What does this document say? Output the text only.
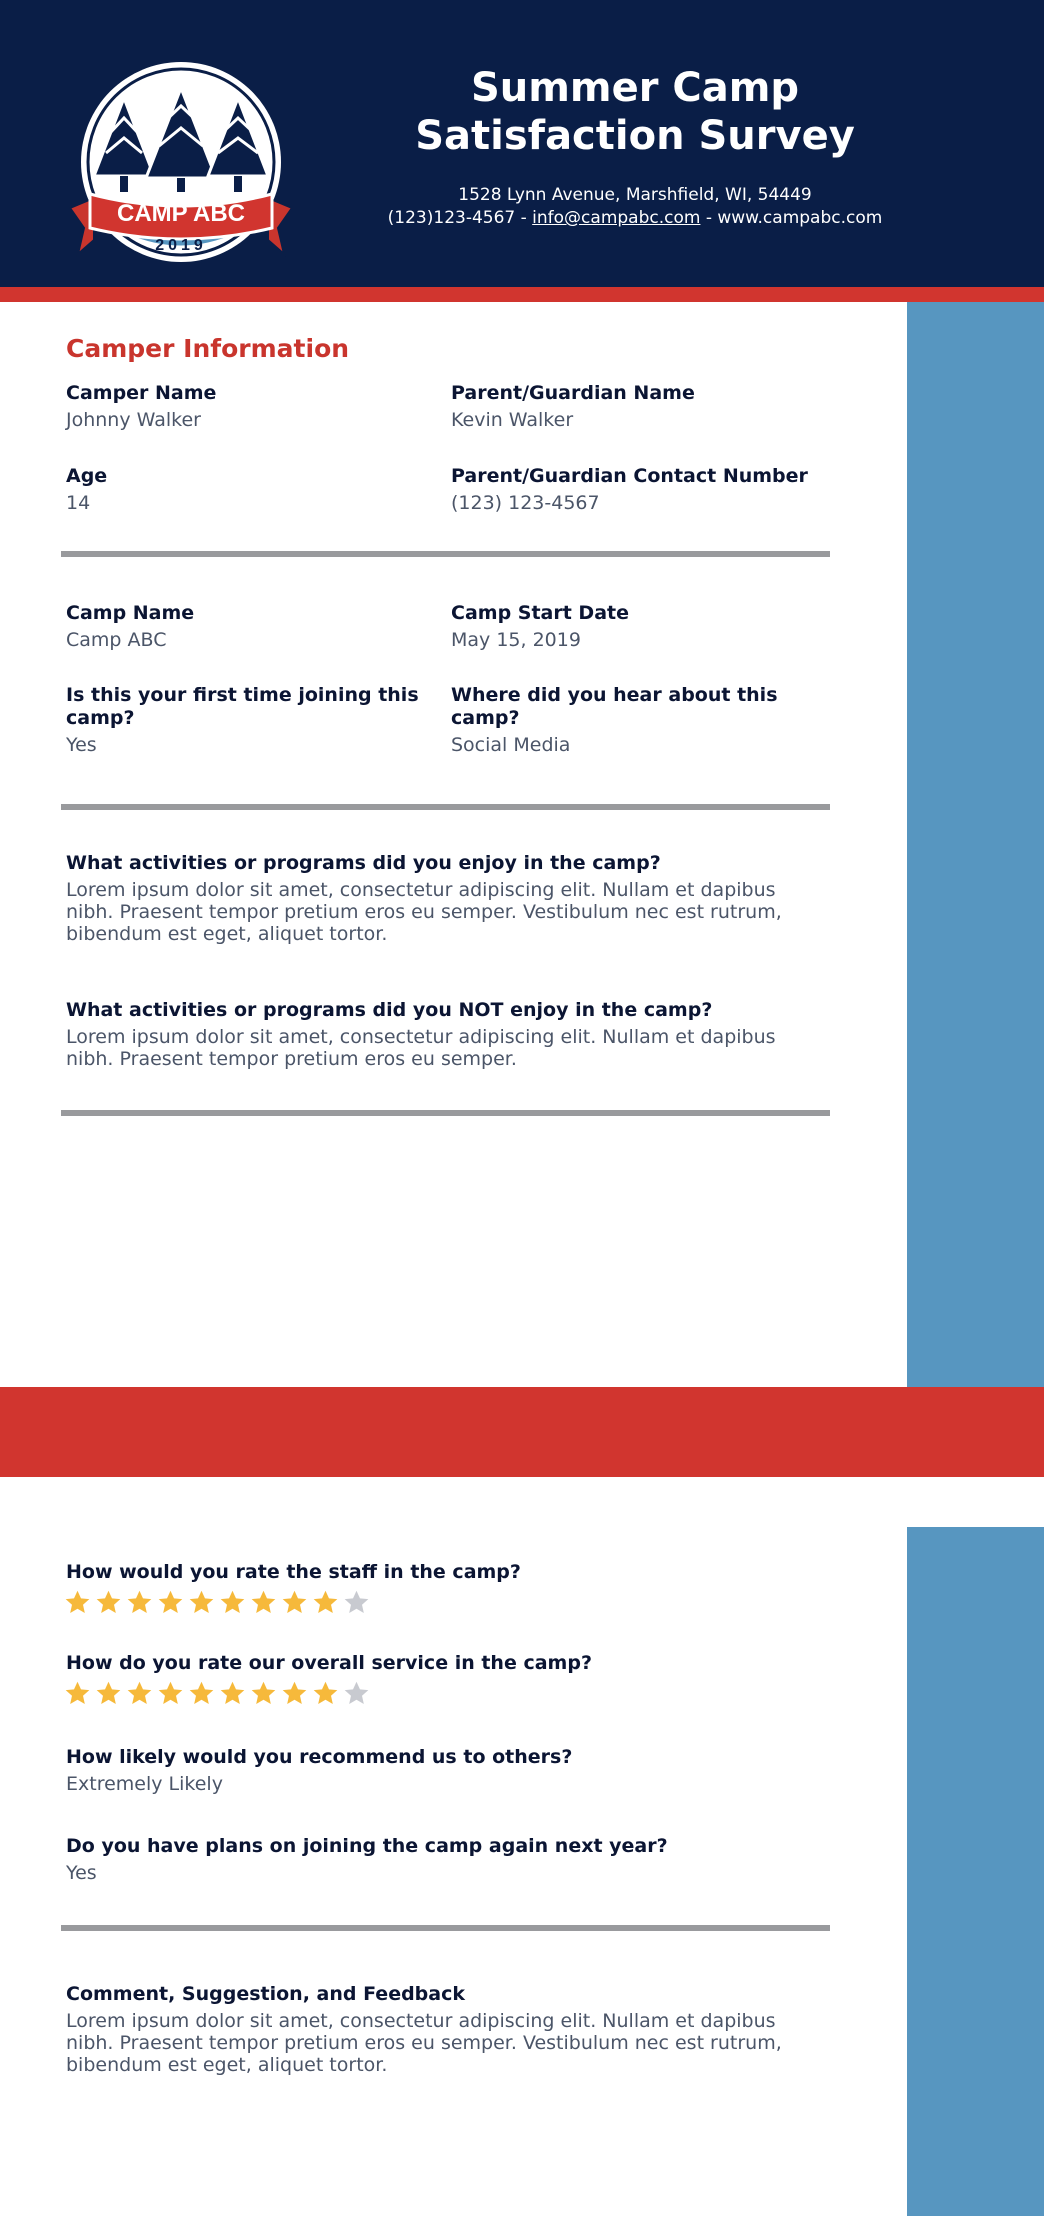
CAMP ABC
2019
Summer Camp
Satisfaction Survey
1528 Lynn Avenue, Marshfield, WI, 54449
(123)123-4567 - info@campabc.com - www.campabc.com
Camper Information
Camper Name
Johnny Walker
Parent/Guardian Name
Kevin Walker
Age
14
Parent/Guardian Contact Number
(123) 123-4567
Camp Name
Camp ABC
Camp Start Date
May 15, 2019
Is this your first time joining this camp?
Yes
Where did you hear about this camp?
Social Media
What activities or programs did you enjoy in the camp?
Lorem ipsum dolor sit amet, consectetur adipiscing elit. Nullam et dapibus nibh. Praesent tempor pretium eros eu semper. Vestibulum nec est rutrum, bibendum est eget, aliquet tortor.
What activities or programs did you NOT enjoy in the camp?
Lorem ipsum dolor sit amet, consectetur adipiscing elit. Nullam et dapibus nibh. Praesent tempor pretium eros eu semper.
How would you rate the staff in the camp?
How do you rate our overall service in the camp?
How likely would you recommend us to others?
Extremely Likely
Do you have plans on joining the camp again next year?
Yes
Comment, Suggestion, and Feedback
Lorem ipsum dolor sit amet, consectetur adipiscing elit. Nullam et dapibus nibh. Praesent tempor pretium eros eu semper. Vestibulum nec est rutrum, bibendum est eget, aliquet tortor.
